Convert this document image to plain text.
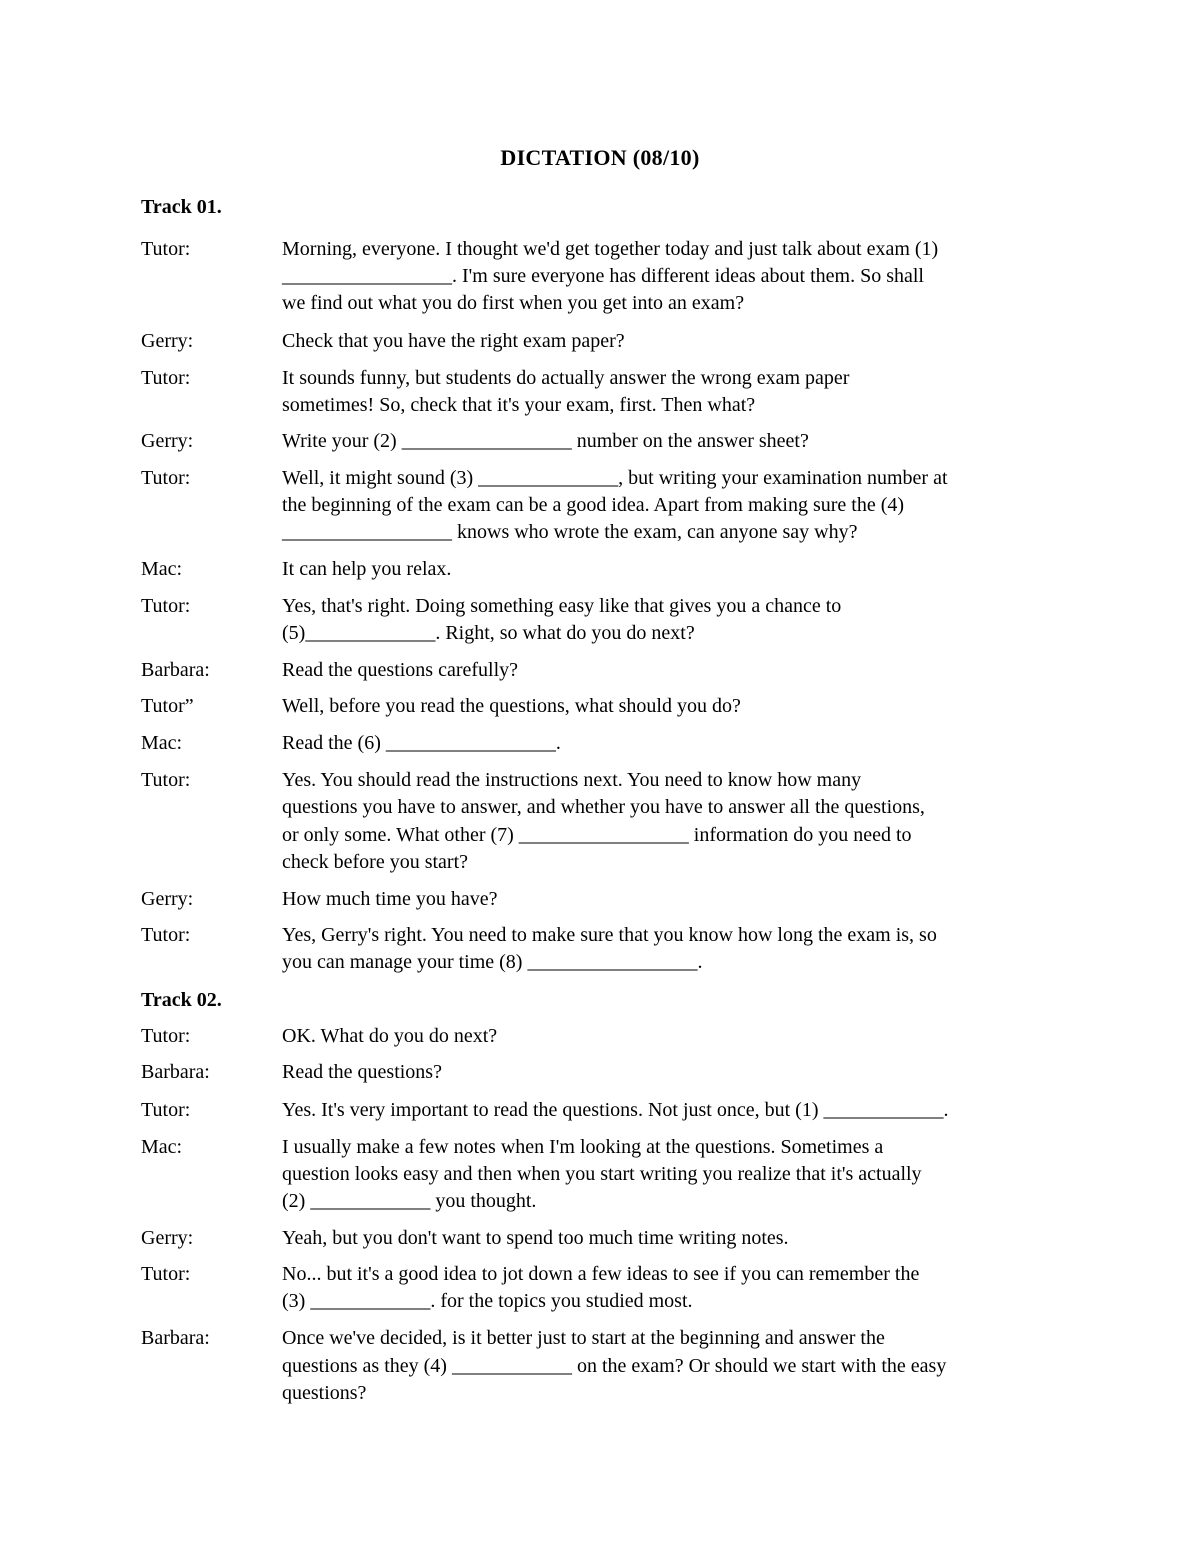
DICTATION (08/10)
Track 01.
Tutor:	Morning, everyone. I thought we'd get together today and just talk about exam (1)
_________________. I'm sure everyone has different ideas about them. So shall
we find out what you do first when you get into an exam?
Gerry:	Check that you have the right exam paper?
Tutor:	It sounds funny, but students do actually answer the wrong exam paper
sometimes! So, check that it's your exam, first. Then what?
Gerry:	Write your (2) _________________ number on the answer sheet?
Tutor:	Well, it might sound (3) ______________, but writing your examination number at
the beginning of the exam can be a good idea. Apart from making sure the (4)
_________________ knows who wrote the exam, can anyone say why?
Mac:	It can help you relax.
Tutor:	Yes, that's right. Doing something easy like that gives you a chance to
(5)_____________. Right, so what do you do next?
Barbara:	Read the questions carefully?
Tutor”	Well, before you read the questions, what should you do?
Mac:	Read the (6) _________________.
Tutor:	Yes. You should read the instructions next. You need to know how many
questions you have to answer, and whether you have to answer all the questions,
or only some. What other (7) _________________ information do you need to
check before you start?
Gerry:	How much time you have?
Tutor:	Yes, Gerry's right. You need to make sure that you know how long the exam is, so
you can manage your time (8) _________________.
Track 02.
Tutor:	OK. What do you do next?
Barbara:	Read the questions?
Tutor:	Yes. It's very important to read the questions. Not just once, but (1) ____________.
Mac:	I usually make a few notes when I'm looking at the questions. Sometimes a
question looks easy and then when you start writing you realize that it's actually
(2) ____________ you thought.
Gerry:	Yeah, but you don't want to spend too much time writing notes.
Tutor:	No... but it's a good idea to jot down a few ideas to see if you can remember the
(3) ____________. for the topics you studied most.
Barbara:	Once we've decided, is it better just to start at the beginning and answer the
questions as they (4) ____________ on the exam? Or should we start with the easy
questions?
